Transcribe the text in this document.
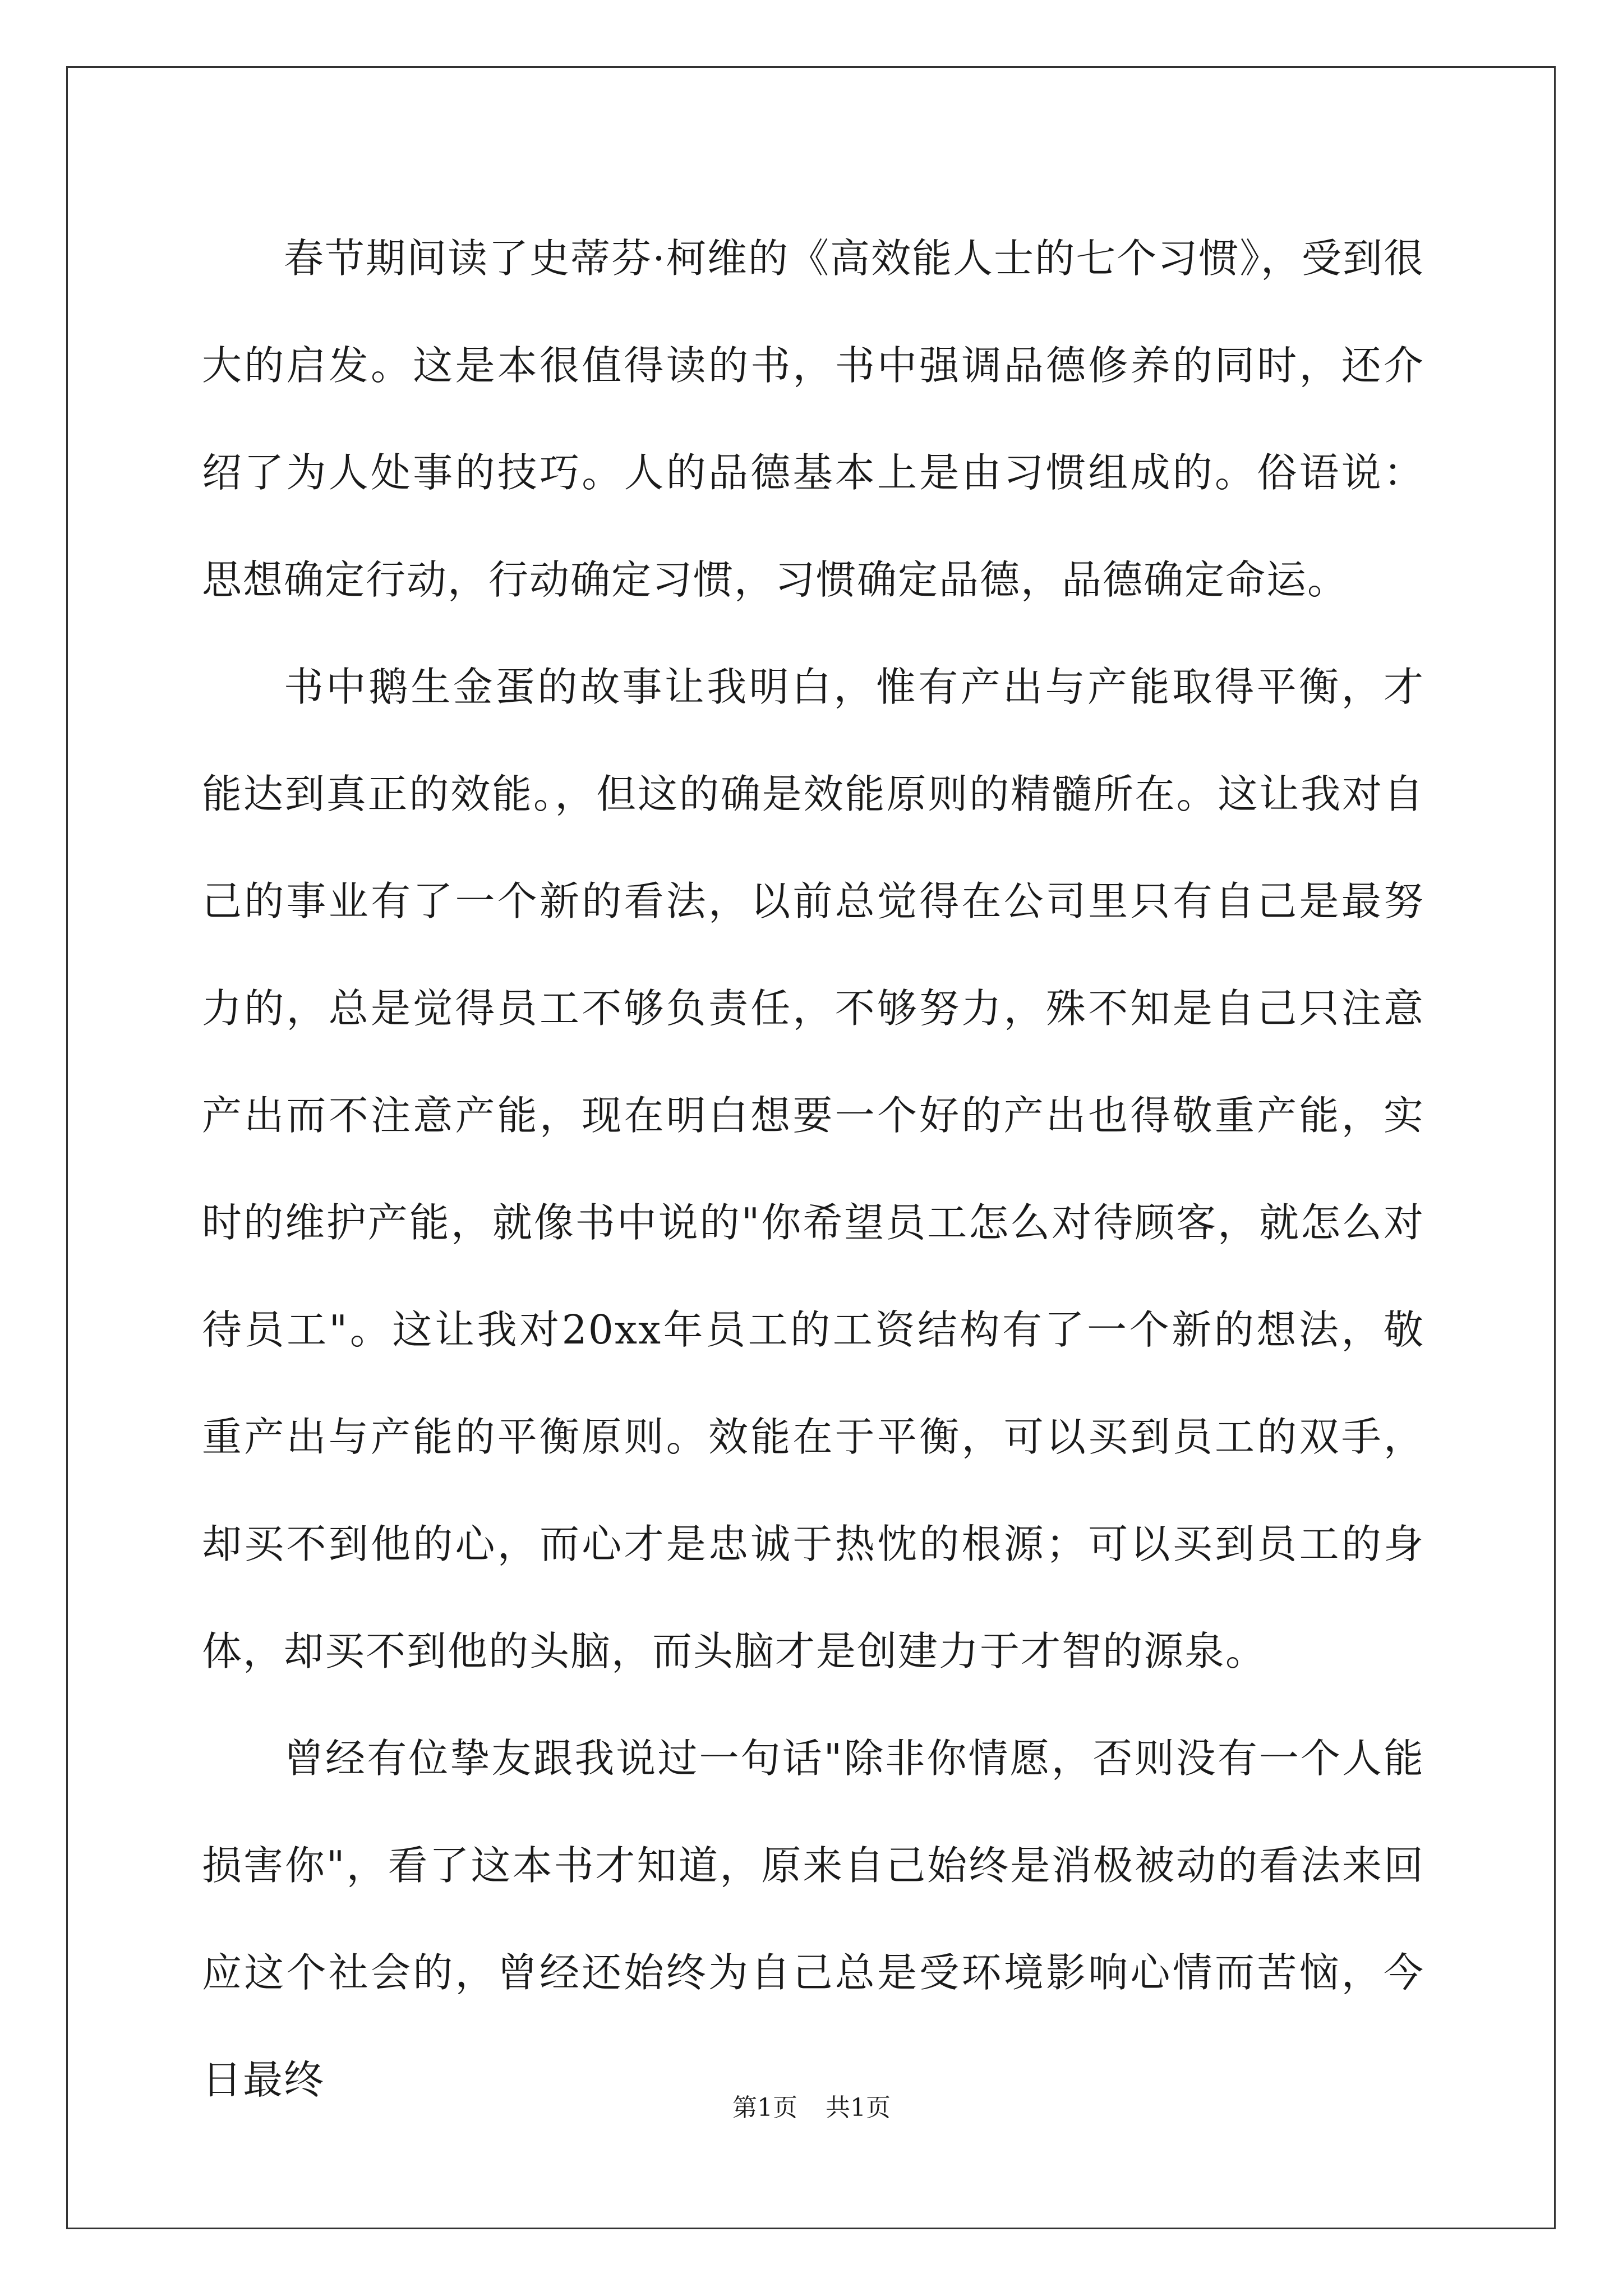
春节期间读了史蒂芬·柯维的《高效能人士的七个习惯》，受到很大的启发。这是本很值得读的书，书中强调品德修养的同时，还介绍了为人处事的技巧。人的品德基本上是由习惯组成的。俗语说：思想确定行动，行动确定习惯，习惯确定品德，品德确定命运。

书中鹅生金蛋的故事让我明白，惟有产出与产能取得平衡，才能达到真正的效能。，但这的确是效能原则的精髓所在。这让我对自己的事业有了一个新的看法，以前总觉得在公司里只有自己是最努力的，总是觉得员工不够负责任，不够努力，殊不知是自己只注意产出而不注意产能，现在明白想要一个好的产出也得敬重产能，实时的维护产能，就像书中说的"你希望员工怎么对待顾客，就怎么对待员工"。这让我对20xx年员工的工资结构有了一个新的想法，敬重产出与产能的平衡原则。效能在于平衡，可以买到员工的双手，却买不到他的心，而心才是忠诚于热忱的根源；可以买到员工的身体，却买不到他的头脑，而头脑才是创建力于才智的源泉。

曾经有位挚友跟我说过一句话"除非你情愿，否则没有一个人能损害你"，看了这本书才知道，原来自己始终是消极被动的看法来回应这个社会的，曾经还始终为自己总是受环境影响心情而苦恼，今日最终

第1页 共1页
